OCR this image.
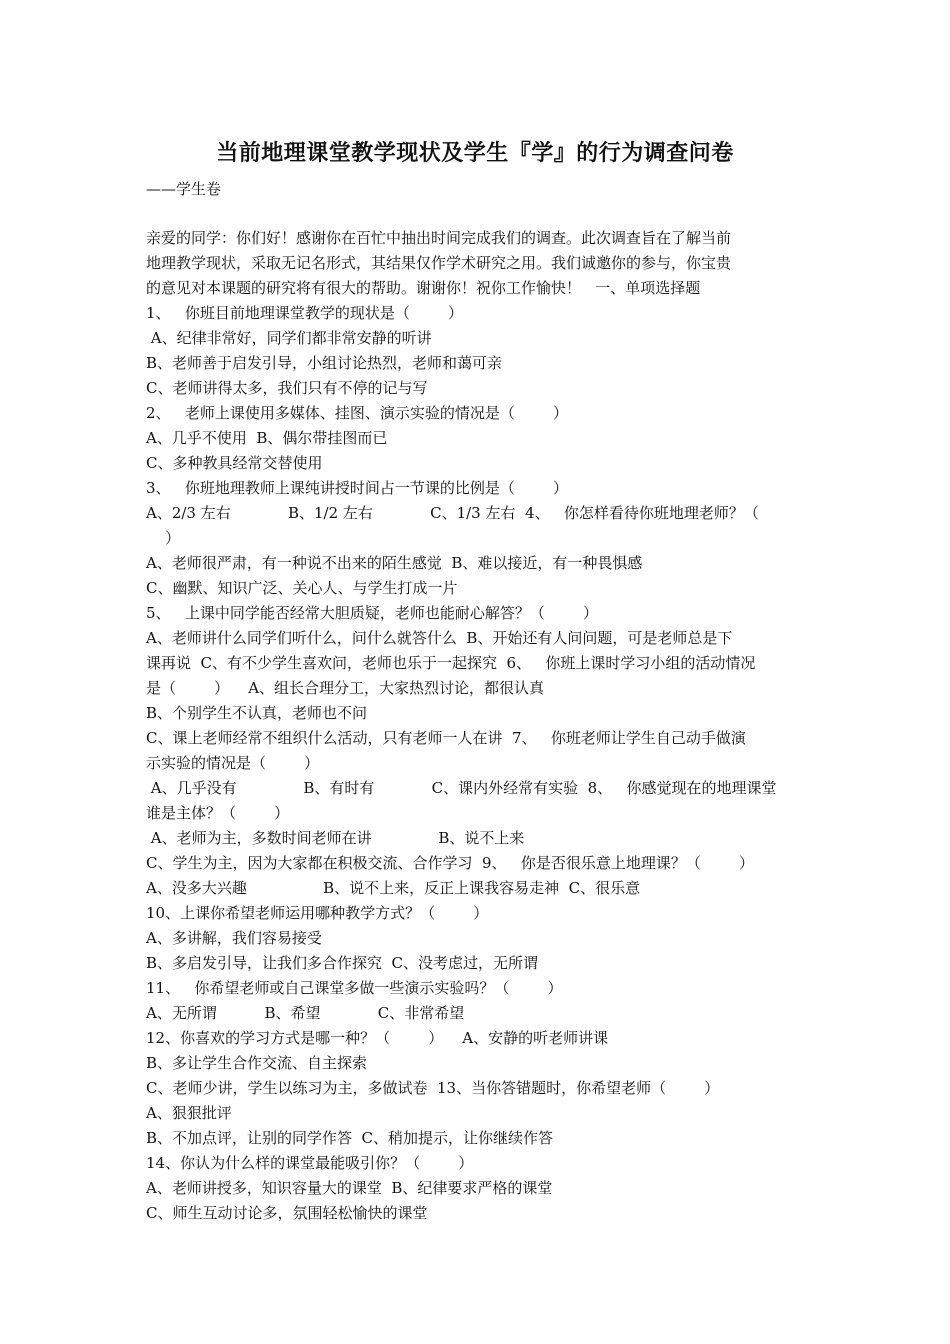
当前地理课堂教学现状及学生『学』的行为调查问卷
——学生卷
亲爱的同学：你们好！感谢你在百忙中抽出时间完成我们的调查。此次调查旨在了解当前
地理教学现状，采取无记名形式，其结果仅作学术研究之用。我们诚邀你的参与，你宝贵
的意见对本课题的研究将有很大的帮助。谢谢你！祝你工作愉快！   一、单项选择题
1、   你班目前地理课堂教学的现状是（        ）
A、纪律非常好，同学们都非常安静的听讲
B、老师善于启发引导，小组讨论热烈，老师和蔼可亲
C、老师讲得太多，我们只有不停的记与写
2、   老师上课使用多媒体、挂图、演示实验的情况是（        ）
A、几乎不使用  B、偶尔带挂图而已
C、多种教具经常交替使用
3、   你班地理教师上课纯讲授时间占一节课的比例是（        ）
A、2/3 左右            B、1/2 左右            C、1/3 左右  4、   你怎样看待你班地理老师？（
）
A、老师很严肃，有一种说不出来的陌生感觉  B、难以接近，有一种畏惧感
C、幽默、知识广泛、关心人、与学生打成一片
5、   上课中同学能否经常大胆质疑，老师也能耐心解答？（        ）
A、老师讲什么同学们听什么，问什么就答什么  B、开始还有人问问题，可是老师总是下
课再说  C、有不少学生喜欢问，老师也乐于一起探究  6、   你班上课时学习小组的活动情况
是（        ）    A、组长合理分工，大家热烈讨论，都很认真
B、个别学生不认真，老师也不问
C、课上老师经常不组织什么活动，只有老师一人在讲  7、   你班老师让学生自己动手做演
示实验的情况是（        ）
A、几乎没有              B、有时有            C、课内外经常有实验  8、   你感觉现在的地理课堂
谁是主体？（        ）
A、老师为主，多数时间老师在讲              B、说不上来
C、学生为主，因为大家都在积极交流、合作学习  9、   你是否很乐意上地理课？（        ）
A、没多大兴趣                B、说不上来，反正上课我容易走神  C、很乐意
10、上课你希望老师运用哪种教学方式？（        ）
A、多讲解，我们容易接受
B、多启发引导，让我们多合作探究  C、没考虑过，无所谓
11、   你希望老师或自己课堂多做一些演示实验吗？（        ）
A、无所谓          B、希望            C、非常希望
12、你喜欢的学习方式是哪一种？（        ）    A、安静的听老师讲课
B、多让学生合作交流、自主探索
C、老师少讲，学生以练习为主，多做试卷  13、当你答错题时，你希望老师（        ）
A、狠狠批评
B、不加点评，让别的同学作答  C、稍加提示，让你继续作答
14、你认为什么样的课堂最能吸引你？（        ）
A、老师讲授多，知识容量大的课堂  B、纪律要求严格的课堂
C、师生互动讨论多，氛围轻松愉快的课堂
